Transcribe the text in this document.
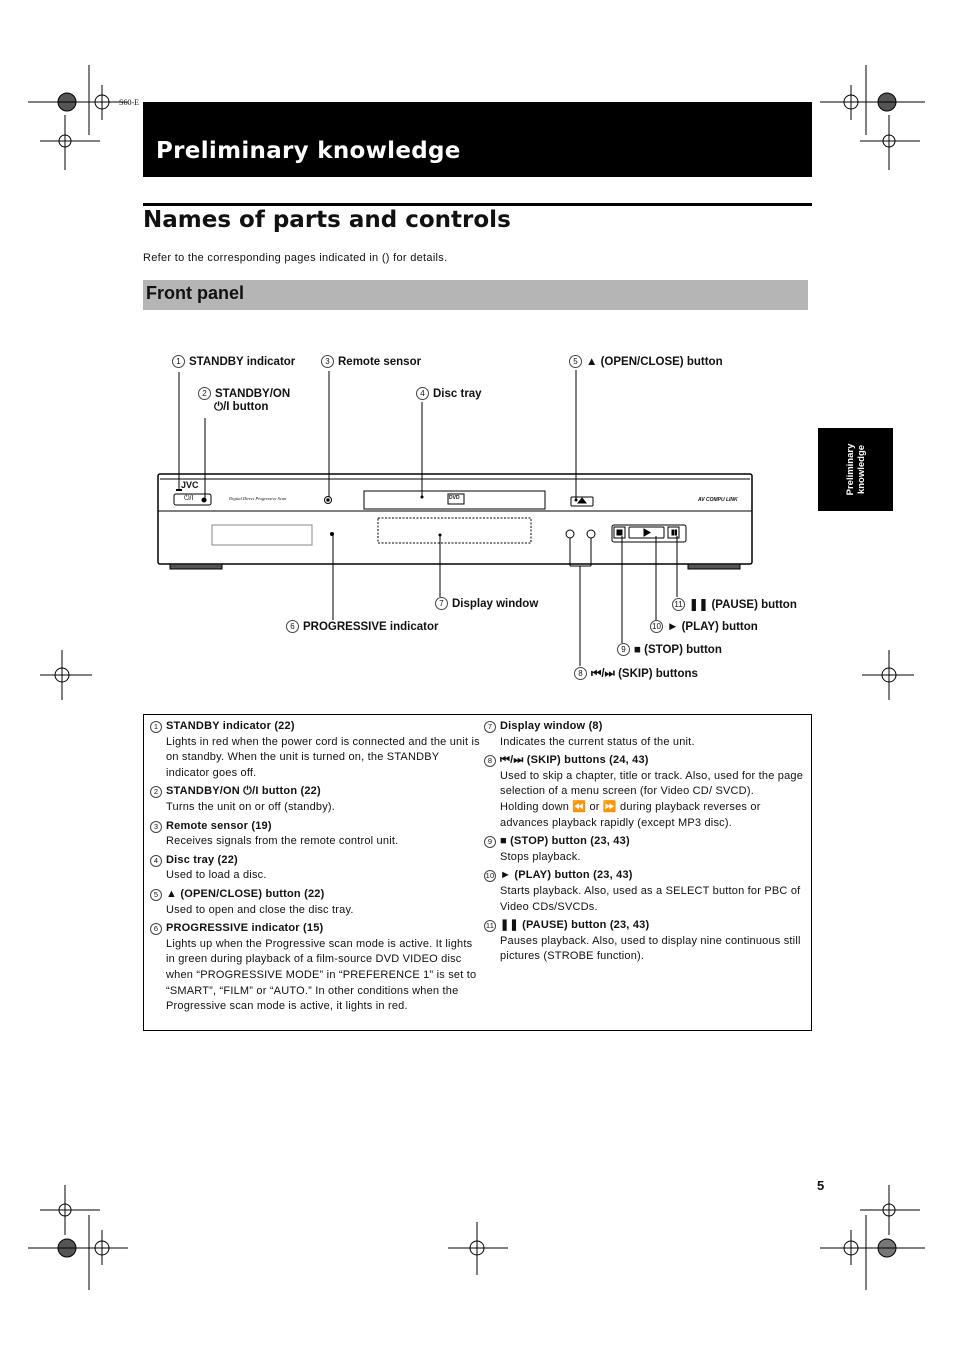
S60-E
Preliminary knowledge
Names of parts and controls
Refer to the corresponding pages indicated in () for details.
Front panel
Preliminary knowledge
JVC
⏻/I	Digital Direct Progressive Scan	DVD	AV COMPU LINK
1 STANDBY indicator	3 Remote sensor	5 ▲ (OPEN/CLOSE) button
2 STANDBY/ON
⏻/I button
4 Disc tray
7 Display window	11 ❚❚ (PAUSE) button
6 PROGRESSIVE indicator	10 ► (PLAY) button
9 ■ (STOP) button
8 ⏮/⏭ (SKIP) buttons
1 STANDBY indicator (22)
Lights in red when the power cord is connected and the unit is on standby. When the unit is turned on, the STANDBY indicator goes off.
2 STANDBY/ON ⏻/I button (22)
Turns the unit on or off (standby).
3 Remote sensor (19)
Receives signals from the remote control unit.
4 Disc tray (22)
Used to load a disc.
5 ▲ (OPEN/CLOSE) button (22)
Used to open and close the disc tray.
6 PROGRESSIVE indicator (15)
Lights up when the Progressive scan mode is active. It lights in green during playback of a film-source DVD VIDEO disc when “PROGRESSIVE MODE” in “PREFERENCE 1” is set to “SMART”, “FILM” or “AUTO.” In other conditions when the Progressive scan mode is active, it lights in red.
7 Display window (8)
Indicates the current status of the unit.
8 ⏮/⏭ (SKIP) buttons (24, 43)
Used to skip a chapter, title or track. Also, used for the page selection of a menu screen (for Video CD/ SVCD).
Holding down ⏪ or ⏩ during playback reverses or advances playback rapidly (except MP3 disc).
9 ■ (STOP) button (23, 43)
Stops playback.
10 ► (PLAY) button (23, 43)
Starts playback. Also, used as a SELECT button for PBC of Video CDs/SVCDs.
11 ❚❚ (PAUSE) button (23, 43)
Pauses playback. Also, used to display nine continuous still pictures (STROBE function).
5
